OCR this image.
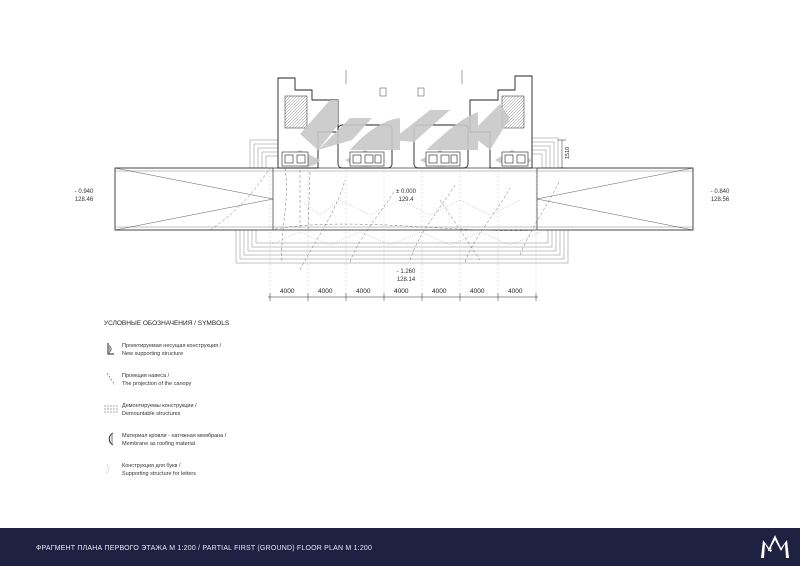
- 0.940
128.46
± 0.000
129.4
- 0.840
128.56
- 1.260
128.14
4000	4000	4000	4000	4000	4000	4000
1510
УСЛОВНЫЕ ОБОЗНАЧЕНИЯ / SYMBOLS
Проектируемая несущая конструкция /
New supporting structure
Проекция навеса /
The projection of the canopy
Демонтируемы конструкции /
Demountable structures
Материал кровли - натяжная мембрана /
Membrane as roofing material
Конструкция для букв /
Supporting structure for letters
ФРАГМЕНТ ПЛАНА ПЕРВОГО ЭТАЖА М 1:200 / PARTIAL FIRST (GROUND) FLOOR PLAN М 1:200	4
